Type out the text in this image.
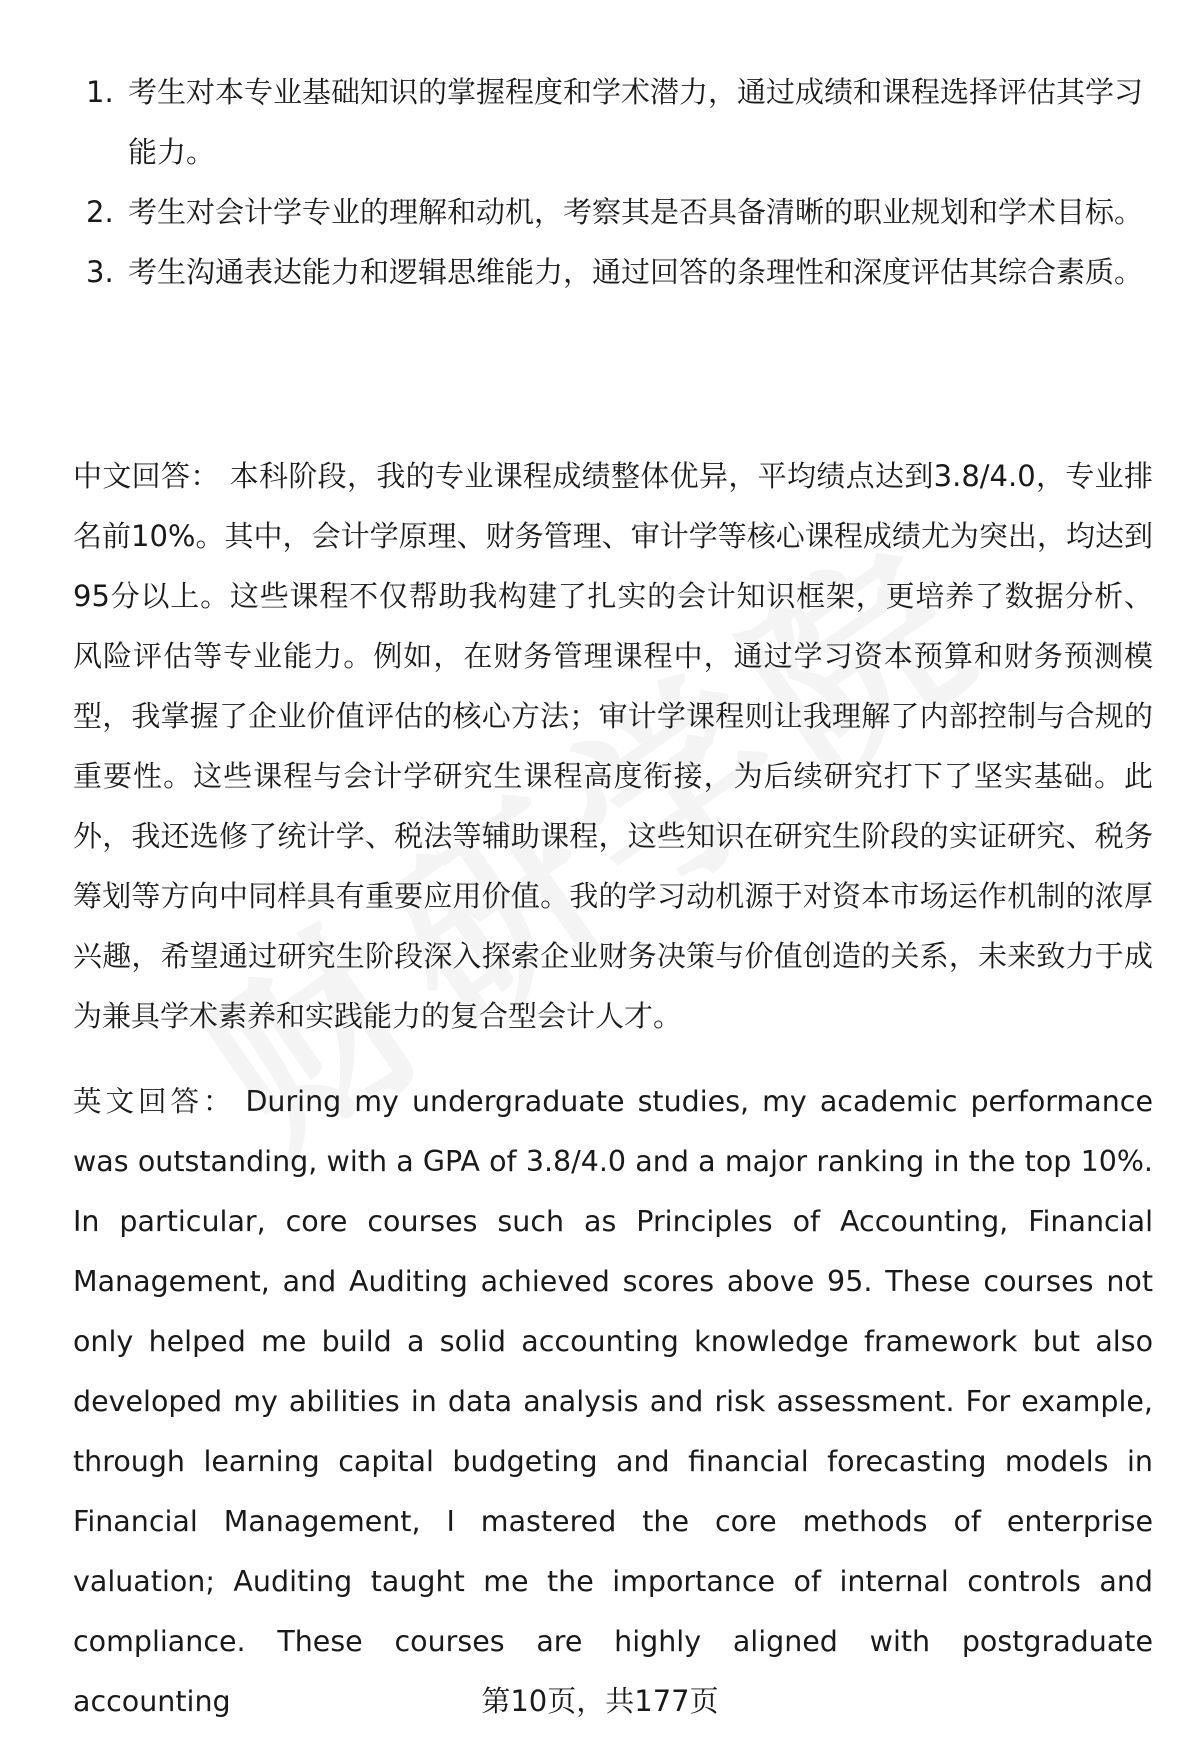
1. 考生对本专业基础知识的掌握程度和学术潜力，通过成绩和课程选择评估其学习能力。
2. 考生对会计学专业的理解和动机，考察其是否具备清晰的职业规划和学术目标。
3. 考生沟通表达能力和逻辑思维能力，通过回答的条理性和深度评估其综合素质。

中文回答： 本科阶段，我的专业课程成绩整体优异，平均绩点达到3.8/4.0，专业排名前10%。其中，会计学原理、财务管理、审计学等核心课程成绩尤为突出，均达到95分以上。这些课程不仅帮助我构建了扎实的会计知识框架，更培养了数据分析、风险评估等专业能力。例如，在财务管理课程中，通过学习资本预算和财务预测模型，我掌握了企业价值评估的核心方法；审计学课程则让我理解了内部控制与合规的重要性。这些课程与会计学研究生课程高度衔接，为后续研究打下了坚实基础。此外，我还选修了统计学、税法等辅助课程，这些知识在研究生阶段的实证研究、税务筹划等方向中同样具有重要应用价值。我的学习动机源于对资本市场运作机制的浓厚兴趣，希望通过研究生阶段深入探索企业财务决策与价值创造的关系，未来致力于成为兼具学术素养和实践能力的复合型会计人才。

英文回答： During my undergraduate studies, my academic performance was outstanding, with a GPA of 3.8/4.0 and a major ranking in the top 10%. In particular, core courses such as Principles of Accounting, Financial Management, and Auditing achieved scores above 95. These courses not only helped me build a solid accounting knowledge framework but also developed my abilities in data analysis and risk assessment. For example, through learning capital budgeting and financial forecasting models in Financial Management, I mastered the core methods of enterprise valuation; Auditing taught me the importance of internal controls and compliance. These courses are highly aligned with postgraduate accounting	第10页，共177页
